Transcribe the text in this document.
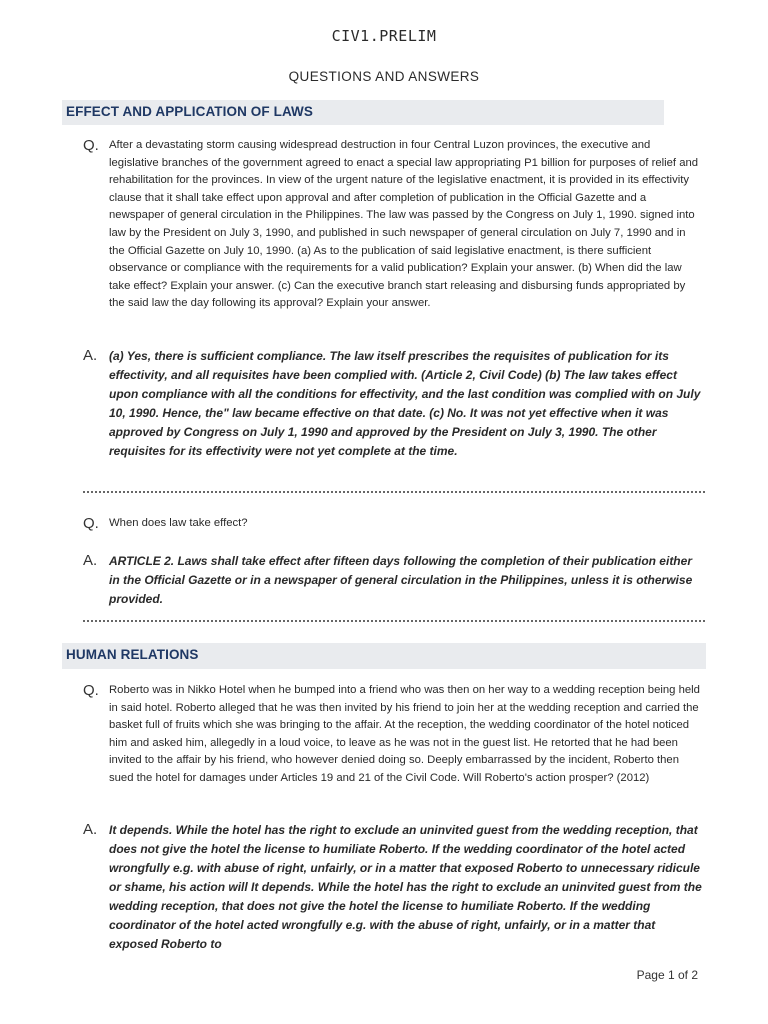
CIV1.PRELIM
QUESTIONS AND ANSWERS
EFFECT AND APPLICATION OF LAWS
Q. After a devastating storm causing widespread destruction in four Central Luzon provinces, the executive and legislative branches of the government agreed to enact a special law appropriating P1 billion for purposes of relief and rehabilitation for the provinces. In view of the urgent nature of the legislative enactment, it is provided in its effectivity clause that it shall take effect upon approval and after completion of publication in the Official Gazette and a newspaper of general circulation in the Philippines. The law was passed by the Congress on July 1, 1990. signed into law by the President on July 3, 1990, and published in such newspaper of general circulation on July 7, 1990 and in the Official Gazette on July 10, 1990. (a) As to the publication of said legislative enactment, is there sufficient observance or compliance with the requirements for a valid publication? Explain your answer. (b) When did the law take effect? Explain your answer. (c) Can the executive branch start releasing and disbursing funds appropriated by the said law the day following its approval? Explain your answer.
A. (a) Yes, there is sufficient compliance. The law itself prescribes the requisites of publication for its effectivity, and all requisites have been complied with. (Article 2, Civil Code) (b) The law takes effect upon compliance with all the conditions for effectivity, and the last condition was complied with on July 10, 1990. Hence, the" law became effective on that date. (c) No. It was not yet effective when it was approved by Congress on July 1, 1990 and approved by the President on July 3, 1990. The other requisites for its effectivity were not yet complete at the time.
Q. When does law take effect?
A. ARTICLE 2. Laws shall take effect after fifteen days following the completion of their publication either in the Official Gazette or in a newspaper of general circulation in the Philippines, unless it is otherwise provided.
HUMAN RELATIONS
Q. Roberto was in Nikko Hotel when he bumped into a friend who was then on her way to a wedding reception being held in said hotel. Roberto alleged that he was then invited by his friend to join her at the wedding reception and carried the basket full of fruits which she was bringing to the affair. At the reception, the wedding coordinator of the hotel noticed him and asked him, allegedly in a loud voice, to leave as he was not in the guest list. He retorted that he had been invited to the affair by his friend, who however denied doing so. Deeply embarrassed by the incident, Roberto then sued the hotel for damages under Articles 19 and 21 of the Civil Code. Will Roberto's action prosper? (2012)
A. It depends. While the hotel has the right to exclude an uninvited guest from the wedding reception, that does not give the hotel the license to humiliate Roberto. If the wedding coordinator of the hotel acted wrongfully e.g. with abuse of right, unfairly, or in a matter that exposed Roberto to unnecessary ridicule or shame, his action will It depends. While the hotel has the right to exclude an uninvited guest from the wedding reception, that does not give the hotel the license to humiliate Roberto. If the wedding coordinator of the hotel acted wrongfully e.g. with the abuse of right, unfairly, or in a matter that exposed Roberto to
Page 1 of 2
